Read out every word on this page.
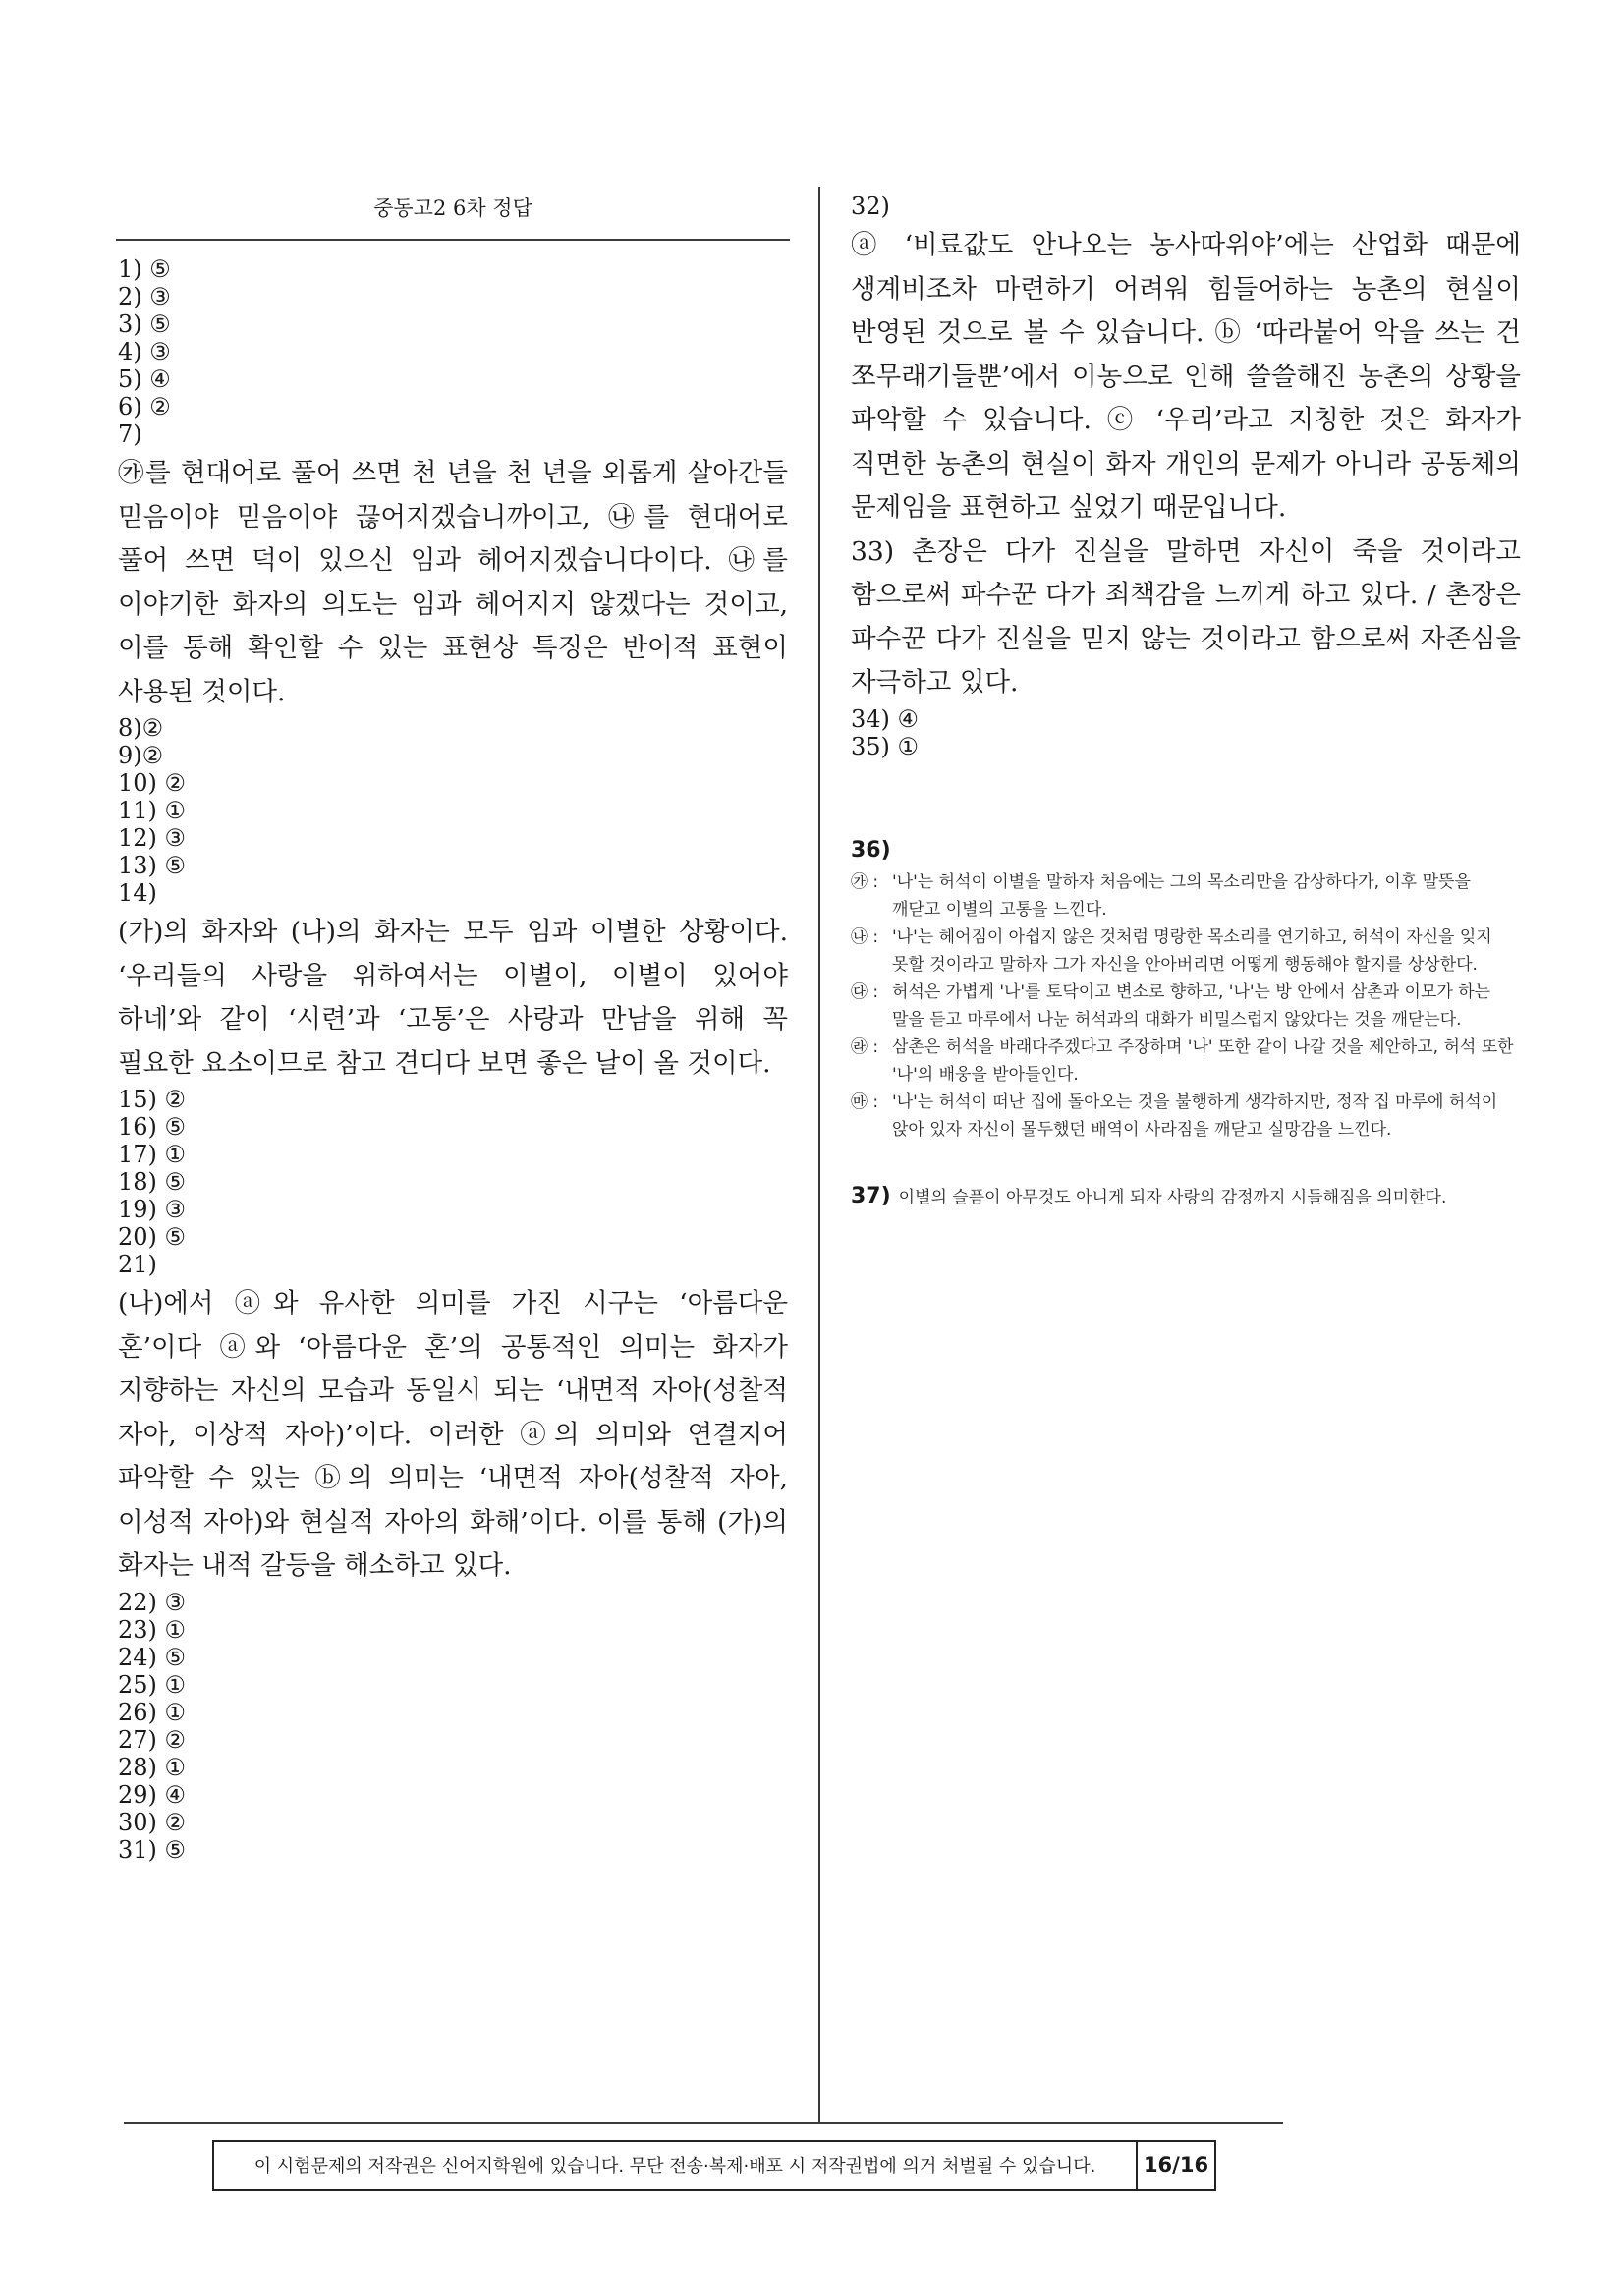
중동고2 6차 정답
1) ⑤
2) ③
3) ⑤
4) ③
5) ④
6) ②
7)

㉮를 현대어로 풀어 쓰면 천 년을 천 년을 외롭게 살아간들 믿음이야 믿음이야 끊어지겠습니까이고, ㉯를 현대어로 풀어 쓰면 덕이 있으신 임과 헤어지겠습니다이다. ㉯를 이야기한 화자의 의도는 임과 헤어지지 않겠다는 것이고, 이를 통해 확인할 수 있는 표현상 특징은 반어적 표현이 사용된 것이다.

8)②
9)②
10) ②
11) ①
12) ③
13) ⑤
14)

(가)의 화자와 (나)의 화자는 모두 임과 이별한 상황이다. ‘우리들의 사랑을 위하여서는 이별이, 이별이 있어야 하네’와 같이 ‘시련’과 ‘고통’은 사랑과 만남을 위해 꼭 필요한 요소이므로 참고 견디다 보면 좋은 날이 올 것이다.

15) ②
16) ⑤
17) ①
18) ⑤
19) ③
20) ⑤
21)

(나)에서 ⓐ와 유사한 의미를 가진 시구는 ‘아름다운 혼’이다 ⓐ와 ‘아름다운 혼’의 공통적인 의미는 화자가 지향하는 자신의 모습과 동일시 되는 ‘내면적 자아(성찰적 자아, 이상적 자아)’이다. 이러한 ⓐ의 의미와 연결지어 파악할 수 있는 ⓑ의 의미는 ‘내면적 자아(성찰적 자아, 이성적 자아)와 현실적 자아의 화해’이다. 이를 통해 (가)의 화자는 내적 갈등을 해소하고 있다.

22) ③
23) ①
24) ⑤
25) ①
26) ①
27) ②
28) ①
29) ④
30) ②
31) ⑤
32)

ⓐ ‘비료값도 안나오는 농사따위야’에는 산업화 때문에 생계비조차 마련하기 어려워 힘들어하는 농촌의 현실이 반영된 것으로 볼 수 있습니다. ⓑ ‘따라붙어 악을 쓰는 건 쪼무래기들뿐’에서 이농으로 인해 쓸쓸해진 농촌의 상황을 파악할 수 있습니다. ⓒ ‘우리’라고 지칭한 것은 화자가 직면한 농촌의 현실이 화자 개인의 문제가 아니라 공동체의 문제임을 표현하고 싶었기 때문입니다.

33) 촌장은 다가 진실을 말하면 자신이 죽을 것이라고 함으로써 파수꾼 다가 죄책감을 느끼게 하고 있다. / 촌장은 파수꾼 다가 진실을 믿지 않는 것이라고 함으로써 자존심을 자극하고 있다.

34) ④
35) ①
36)
㉮ : '나'는 허석이 이별을 말하자 처음에는 그의 목소리만을 감상하다가, 이후 말뜻을 깨닫고 이별의 고통을 느낀다.
㉯ : '나'는 헤어짐이 아쉽지 않은 것처럼 명랑한 목소리를 연기하고, 허석이 자신을 잊지 못할 것이라고 말하자 그가 자신을 안아버리면 어떻게 행동해야 할지를 상상한다.
㉰ : 허석은 가볍게 '나'를 토닥이고 변소로 향하고, '나'는 방 안에서 삼촌과 이모가 하는 말을 듣고 마루에서 나눈 허석과의 대화가 비밀스럽지 않았다는 것을 깨닫는다.
㉱ : 삼촌은 허석을 바래다주겠다고 주장하며 '나' 또한 같이 나갈 것을 제안하고, 허석 또한 '나'의 배웅을 받아들인다.
㉲ : '나'는 허석이 떠난 집에 돌아오는 것을 불행하게 생각하지만, 정작 집 마루에 허석이 앉아 있자 자신이 몰두했던 배역이 사라짐을 깨닫고 실망감을 느낀다.
37) 이별의 슬픔이 아무것도 아니게 되자 사랑의 감정까지 시들해짐을 의미한다.
이 시험문제의 저작권은 신어지학원에 있습니다. 무단 전송·복제·배포 시 저작권법에 의거 처벌될 수 있습니다.	16/16
